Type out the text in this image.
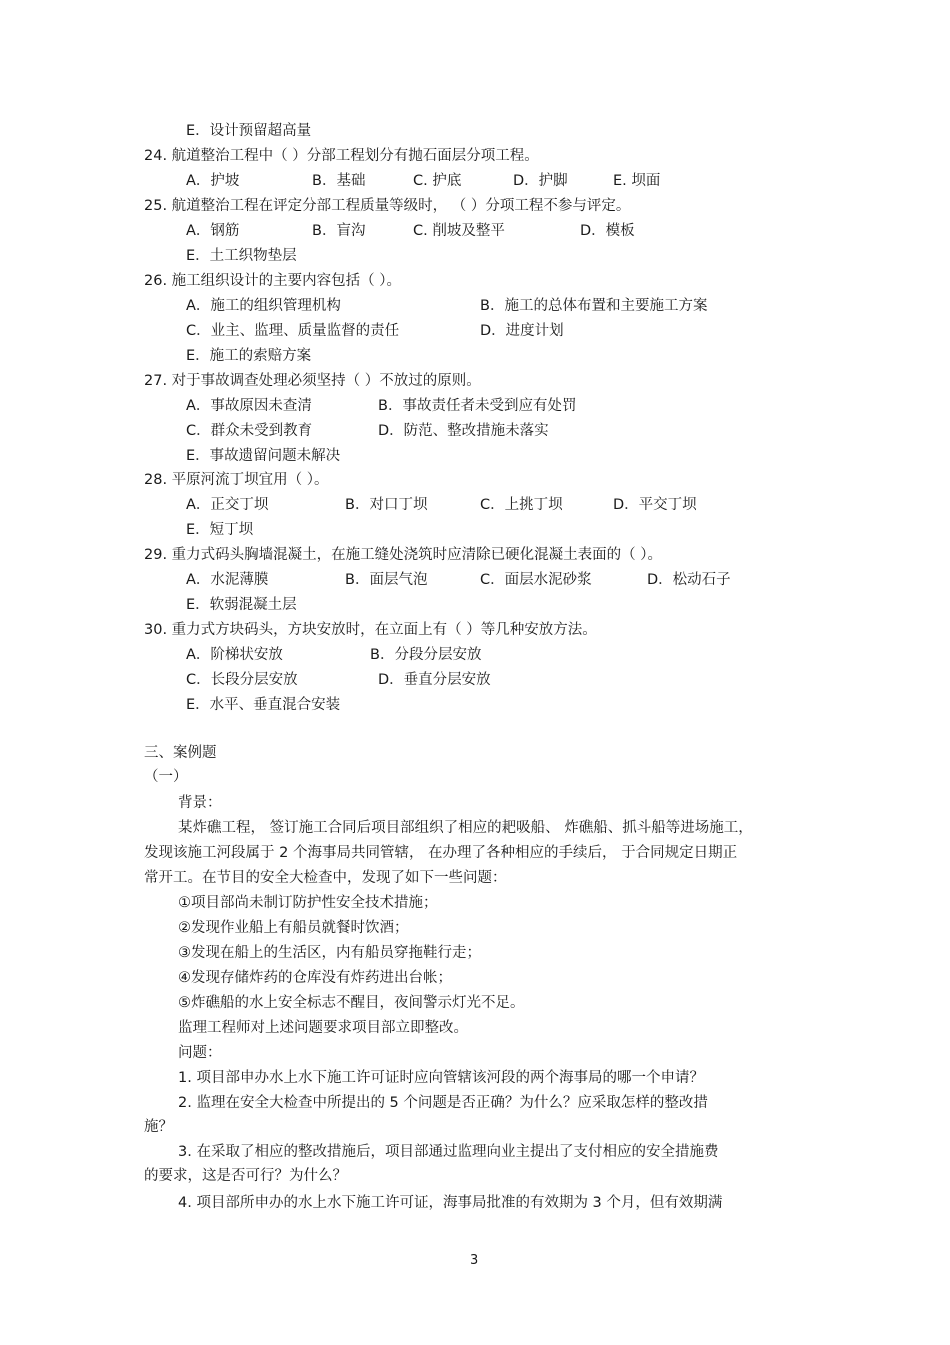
E．设计预留超高量
24. 航道整治工程中（ ）分部工程划分有抛石面层分项工程。
A．护坡	B．基础	C. 护底	D．护脚	E. 坝面
25. 航道整治工程在评定分部工程质量等级时， （ ）分项工程不参与评定。
A．钢筋	B．盲沟	C. 削坡及整平	D．模板
E．土工织物垫层
26. 施工组织设计的主要内容包括（ ）。
A．施工的组织管理机构	B．施工的总体布置和主要施工方案
C．业主、监理、质量监督的责任	D．进度计划
E．施工的索赔方案
27. 对于事故调查处理必须坚持（ ）不放过的原则。
A．事故原因未查清	B．事故责任者未受到应有处罚
C．群众未受到教育	D．防范、整改措施未落实
E．事故遗留问题未解决
28. 平原河流丁坝宜用（ ）。
A．正交丁坝	B．对口丁坝	C．上挑丁坝	D．平交丁坝
E．短丁坝
29. 重力式码头胸墙混凝土，在施工缝处浇筑时应清除已硬化混凝土表面的（ ）。
A．水泥薄膜	B．面层气泡	C．面层水泥砂浆	D．松动石子
E．软弱混凝土层
30. 重力式方块码头，方块安放时，在立面上有（ ）等几种安放方法。
A．阶梯状安放	B．分段分层安放
C．长段分层安放	D．垂直分层安放
E．水平、垂直混合安装
三、案例题
（一）
背景：
某炸礁工程， 签订施工合同后项目部组织了相应的耙吸船、 炸礁船、抓斗船等进场施工，
发现该施工河段属于 2 个海事局共同管辖， 在办理了各种相应的手续后， 于合同规定日期正
常开工。在节目的安全大检查中，发现了如下一些问题：
①项目部尚未制订防护性安全技术措施；
②发现作业船上有船员就餐时饮酒；
③发现在船上的生活区，内有船员穿拖鞋行走；
④发现存储炸药的仓库没有炸药进出台帐；
⑤炸礁船的水上安全标志不醒目，夜间警示灯光不足。
监理工程师对上述问题要求项目部立即整改。
问题：
1. 项目部申办水上水下施工许可证时应向管辖该河段的两个海事局的哪一个申请？
2. 监理在安全大检查中所提出的 5 个问题是否正确？为什么？应采取怎样的整改措
施？
3. 在采取了相应的整改措施后，项目部通过监理向业主提出了支付相应的安全措施费
的要求，这是否可行？为什么？
4. 项目部所申办的水上水下施工许可证，海事局批准的有效期为 3 个月，但有效期满
3
